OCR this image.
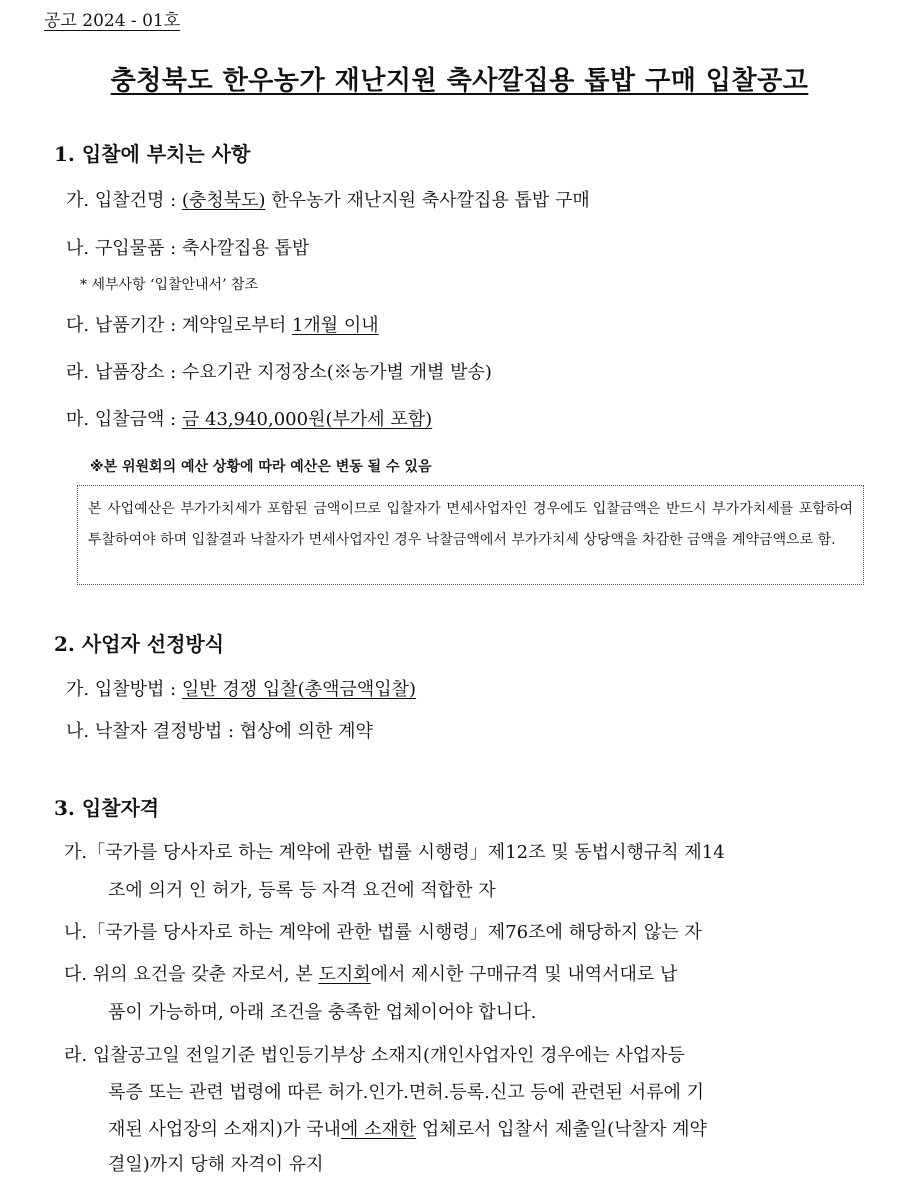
공고 2024 - 01호
충청북도 한우농가 재난지원 축사깔집용 톱밥 구매 입찰공고
1. 입찰에 부치는 사항
가. 입찰건명 : (충청북도) 한우농가 재난지원 축사깔집용 톱밥 구매
나. 구입물품 : 축사깔집용 톱밥
* 세부사항 ‘입찰안내서’ 참조
다. 납품기간 : 계약일로부터 1개월 이내
라. 납품장소 : 수요기관 지정장소(※농가별 개별 발송)
마. 입찰금액 : 금 43,940,000원(부가세 포함)
※본 위원회의 예산 상황에 따라 예산은 변동 될 수 있음
본 사업예산은 부가가치세가 포함된 금액이므로 입찰자가 면세사업자인 경우에도 입찰금액은 반드시 부가가치세를 포함하여 투찰하여야 하며 입찰결과 낙찰자가 면세사업자인 경우 낙찰금액에서 부가가치세 상당액을 차감한 금액을 계약금액으로 함.
2. 사업자 선정방식
가. 입찰방법 : 일반 경쟁 입찰(총액금액입찰)
나. 낙찰자 결정방법 : 협상에 의한 계약
3. 입찰자격
가.「국가를 당사자로 하는 계약에 관한 법률 시행령」제12조 및 동법시행규칙 제14
조에 의거 인 허가, 등록 등 자격 요건에 적합한 자
나.「국가를 당사자로 하는 계약에 관한 법률 시행령」제76조에 해당하지 않는 자
다. 위의 요건을 갖춘 자로서, 본 도지회에서 제시한 구매규격 및 내역서대로 납
품이 가능하며, 아래 조건을 충족한 업체이어야 합니다.
라. 입찰공고일 전일기준 법인등기부상 소재지(개인사업자인 경우에는 사업자등
록증 또는 관련 법령에 따른 허가.인가.면허.등록.신고 등에 관련된 서류에 기
재된 사업장의 소재지)가 국내에 소재한 업체로서 입찰서 제출일(낙찰자 계약
결일)까지 당해 자격이 유지
